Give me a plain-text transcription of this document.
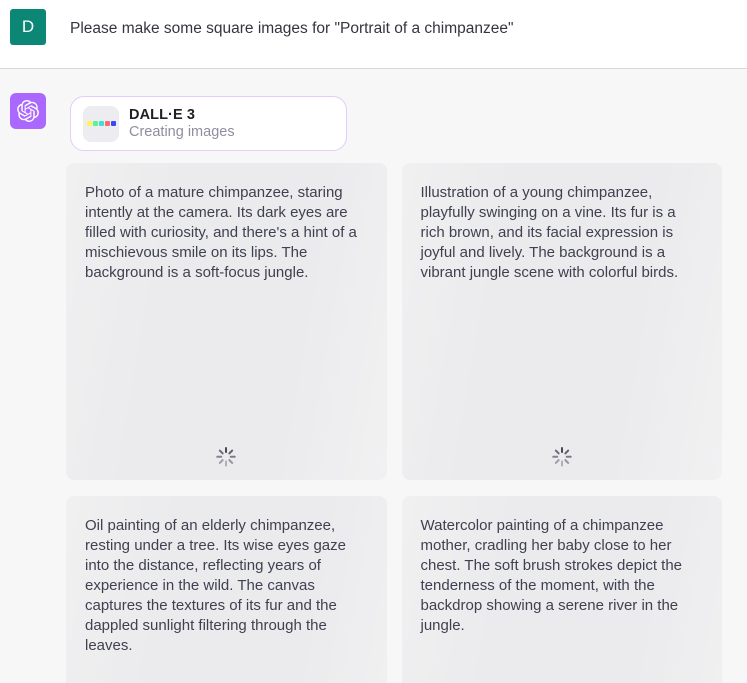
D Please make some square images for "Portrait of a chimpanzee"
DALL·E 3
Creating images

Photo of a mature chimpanzee, staring intently at the camera. Its dark eyes are filled with curiosity, and there's a hint of a mischievous smile on its lips. The background is a soft-focus jungle.

Illustration of a young chimpanzee, playfully swinging on a vine. Its fur is a rich brown, and its facial expression is joyful and lively. The background is a vibrant jungle scene with colorful birds.

Oil painting of an elderly chimpanzee, resting under a tree. Its wise eyes gaze into the distance, reflecting years of experience in the wild. The canvas captures the textures of its fur and the dappled sunlight filtering through the leaves.

Watercolor painting of a chimpanzee mother, cradling her baby close to her chest. The soft brush strokes depict the tenderness of the moment, with the backdrop showing a serene river in the jungle.
